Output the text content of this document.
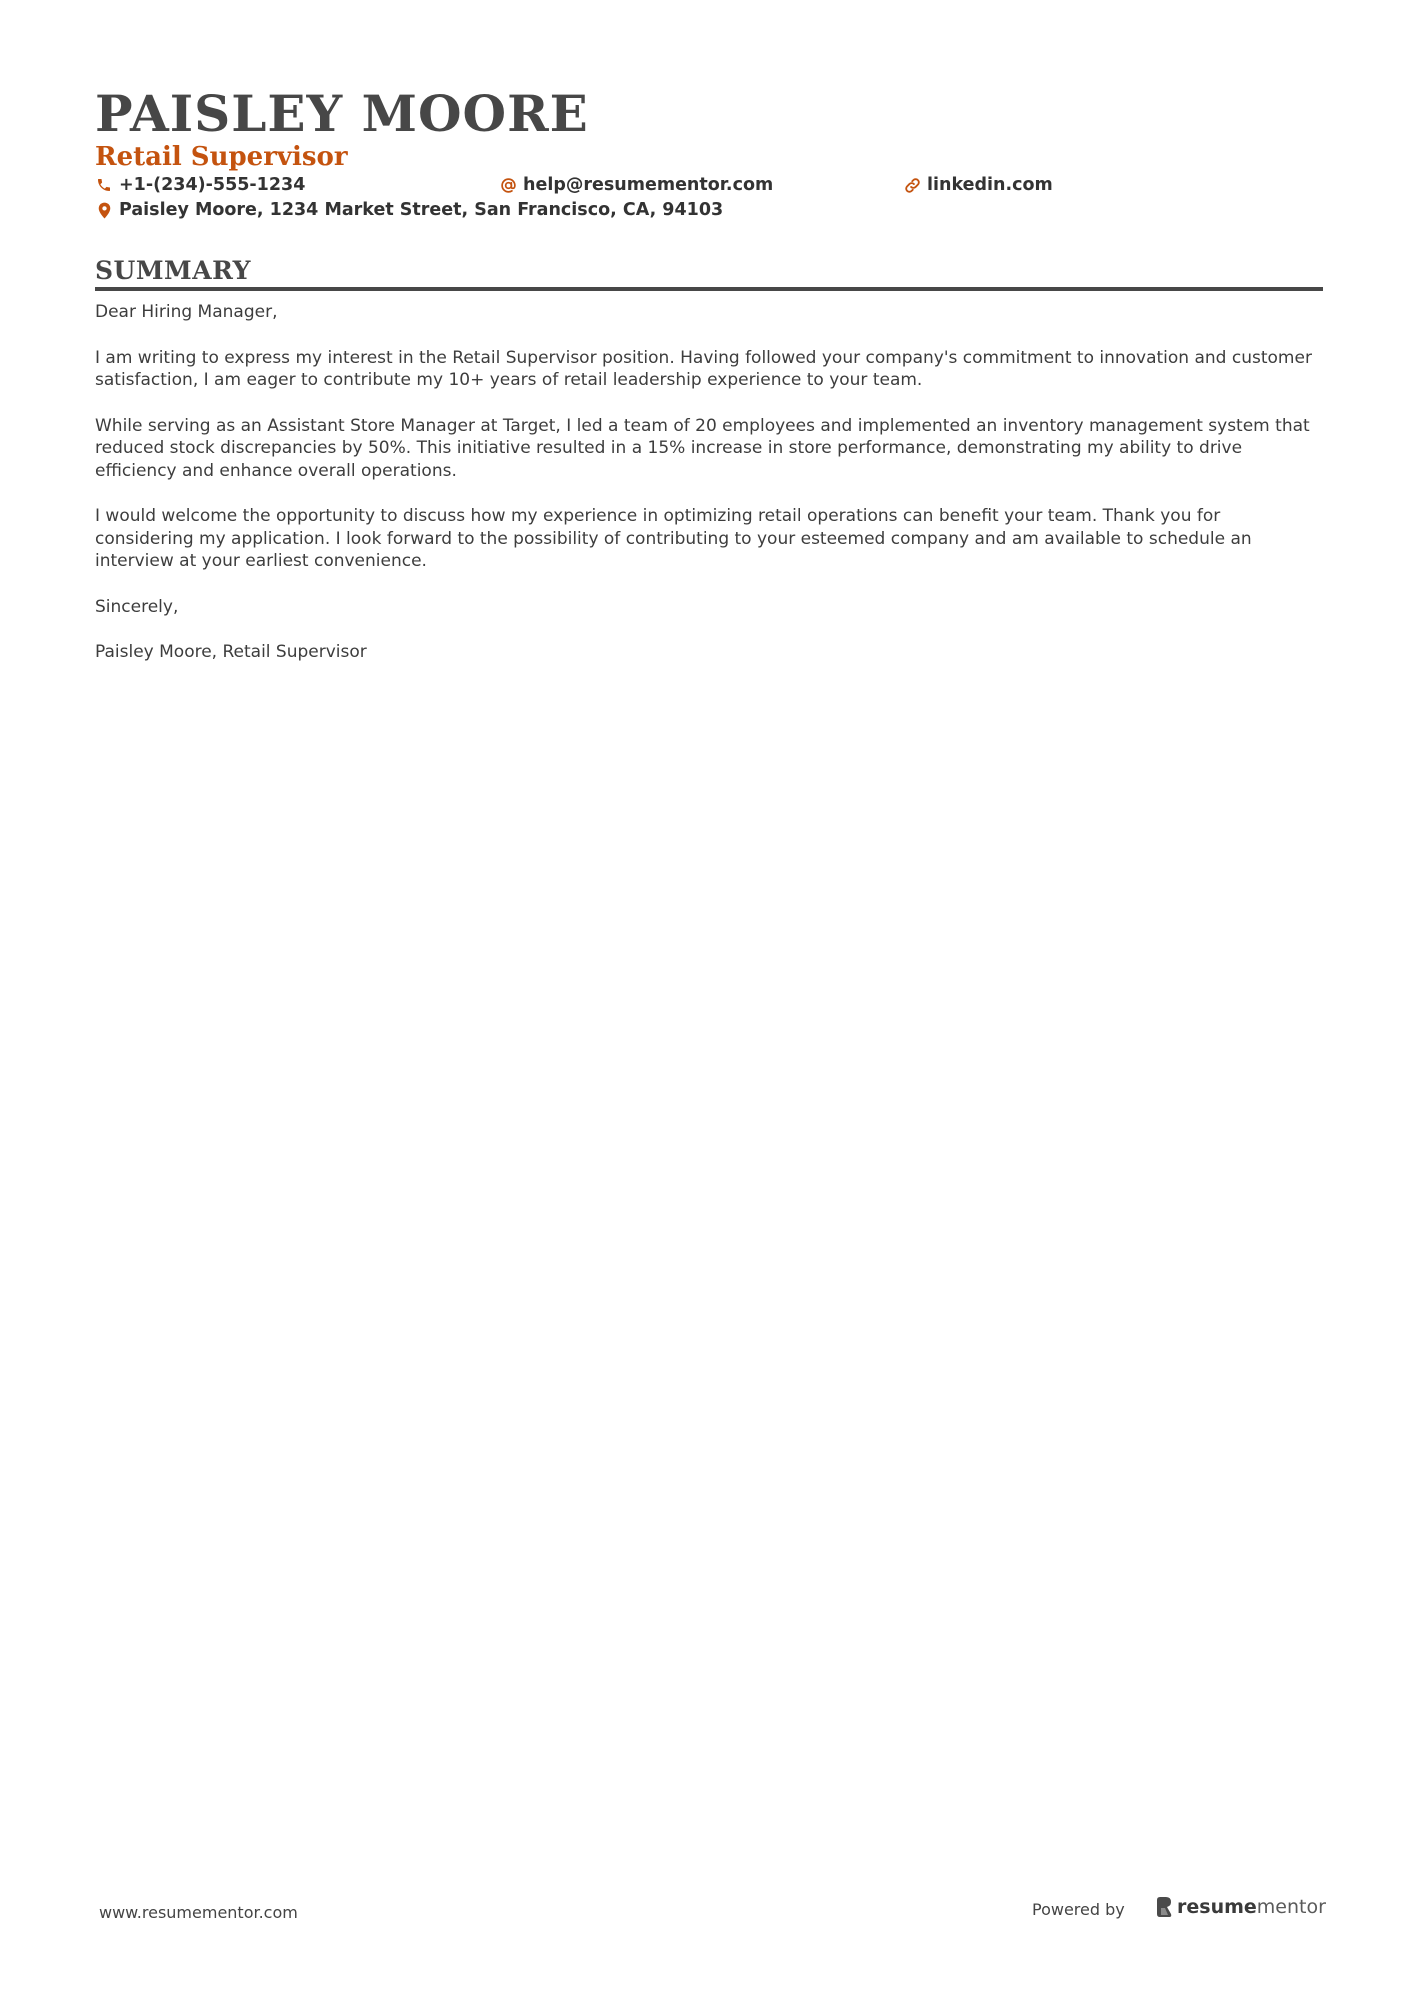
PAISLEY MOORE
Retail Supervisor
+1-(234)-555-1234	help@resumementor.com	linkedin.com
Paisley Moore, 1234 Market Street, San Francisco, CA, 94103
SUMMARY

Dear Hiring Manager,

I am writing to express my interest in the Retail Supervisor position. Having followed your company's commitment to innovation and customer satisfaction, I am eager to contribute my 10+ years of retail leadership experience to your team.

While serving as an Assistant Store Manager at Target, I led a team of 20 employees and implemented an inventory management system that reduced stock discrepancies by 50%. This initiative resulted in a 15% increase in store performance, demonstrating my ability to drive efficiency and enhance overall operations.

I would welcome the opportunity to discuss how my experience in optimizing retail operations can benefit your team. Thank you for considering my application. I look forward to the possibility of contributing to your esteemed company and am available to schedule an interview at your earliest convenience.

Sincerely,

Paisley Moore, Retail Supervisor

www.resumementor.com	Powered by	resume mentor
